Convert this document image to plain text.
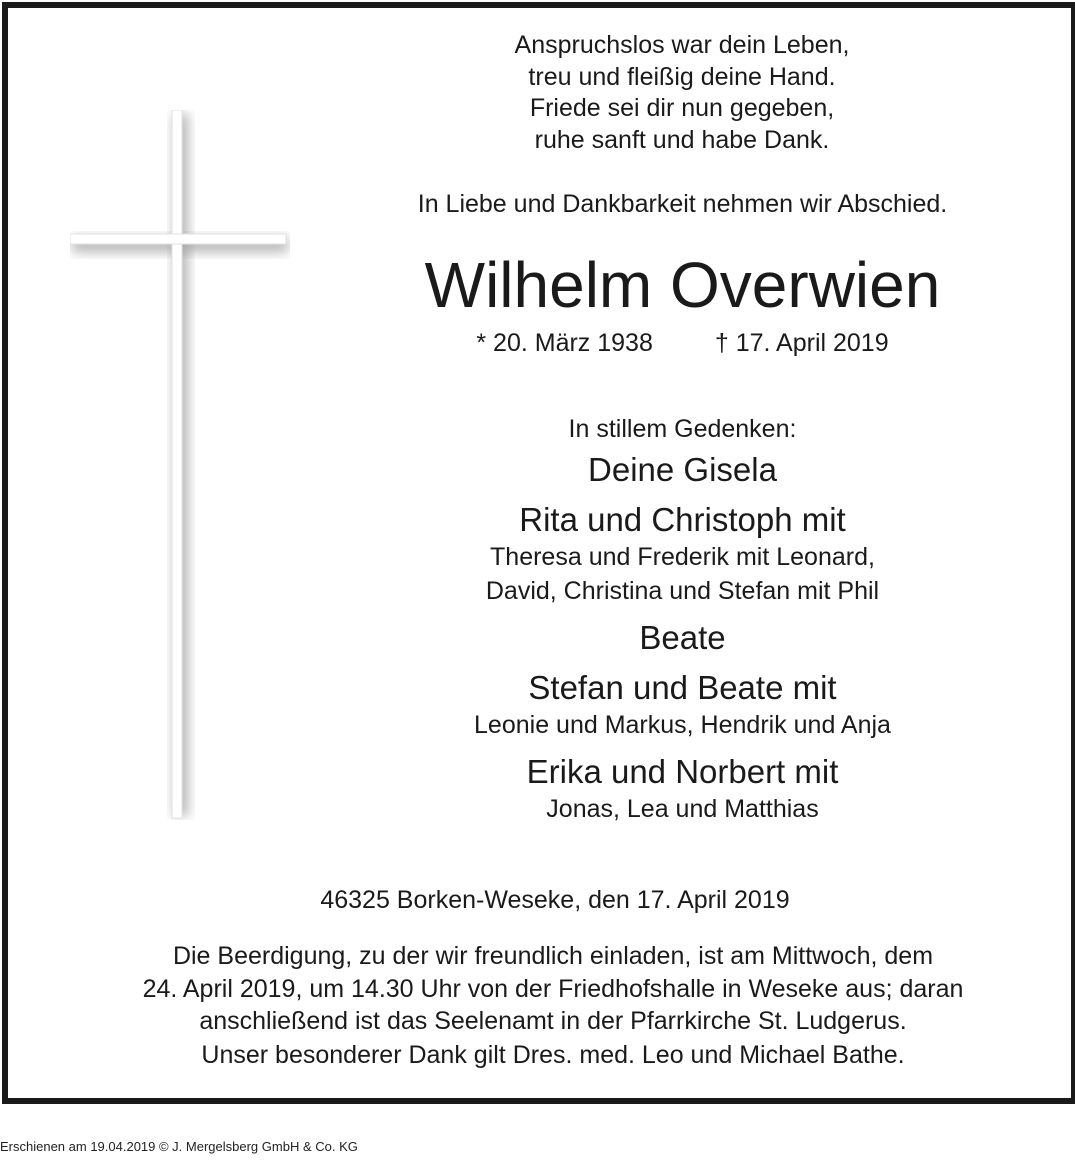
Anspruchslos war dein Leben,
treu und fleißig deine Hand.
Friede sei dir nun gegeben,
ruhe sanft und habe Dank.
In Liebe und Dankbarkeit nehmen wir Abschied.
Wilhelm Overwien
* 20. März 1938 † 17. April 2019
In stillem Gedenken:
Deine Gisela
Rita und Christoph mit
Theresa und Frederik mit Leonard,
David, Christina und Stefan mit Phil
Beate
Stefan und Beate mit
Leonie und Markus, Hendrik und Anja
Erika und Norbert mit
Jonas, Lea und Matthias
46325 Borken-Weseke, den 17. April 2019
Die Beerdigung, zu der wir freundlich einladen, ist am Mittwoch, dem
24. April 2019, um 14.30 Uhr von der Friedhofshalle in Weseke aus; daran
anschließend ist das Seelenamt in der Pfarrkirche St. Ludgerus.
Unser besonderer Dank gilt Dres. med. Leo und Michael Bathe.
Erschienen am 19.04.2019 © J. Mergelsberg GmbH & Co. KG
